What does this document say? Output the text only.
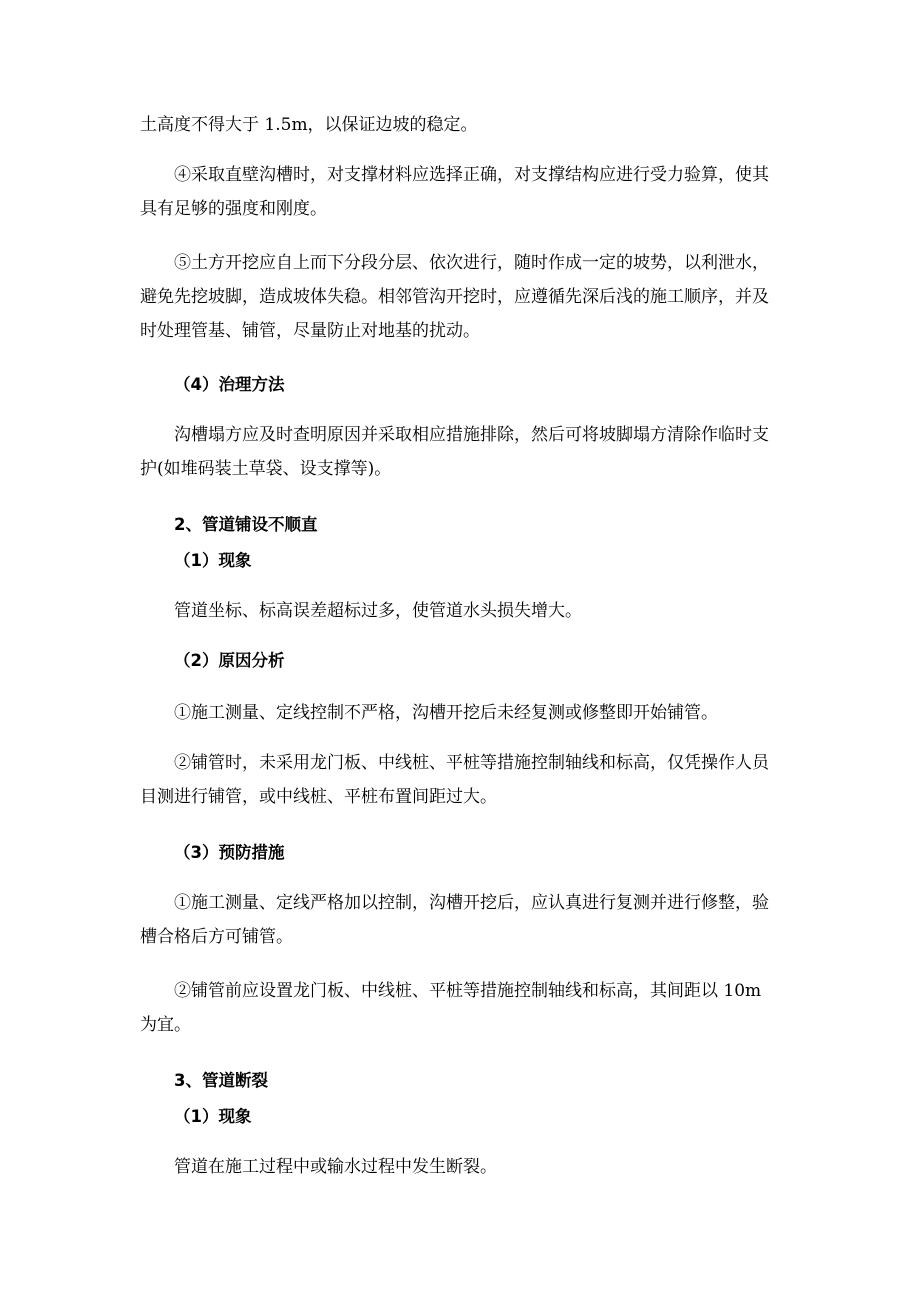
土高度不得大于 1.5m，以保证边坡的稳定。

④采取直壁沟槽时，对支撑材料应选择正确，对支撑结构应进行受力验算，使其具有足够的强度和刚度。

⑤土方开挖应自上而下分段分层、依次进行，随时作成一定的坡势，以利泄水，避免先挖坡脚，造成坡体失稳。相邻管沟开挖时，应遵循先深后浅的施工顺序，并及时处理管基、铺管，尽量防止对地基的扰动。

（4）治理方法

沟槽塌方应及时查明原因并采取相应措施排除，然后可将坡脚塌方清除作临时支护(如堆码装土草袋、设支撑等)。

2、管道铺设不顺直

（1）现象

管道坐标、标高误差超标过多，使管道水头损失增大。

（2）原因分析

①施工测量、定线控制不严格，沟槽开挖后未经复测或修整即开始铺管。

②铺管时，未采用龙门板、中线桩、平桩等措施控制轴线和标高，仅凭操作人员目测进行铺管，或中线桩、平桩布置间距过大。

（3）预防措施

①施工测量、定线严格加以控制，沟槽开挖后，应认真进行复测并进行修整，验槽合格后方可铺管。

②铺管前应设置龙门板、中线桩、平桩等措施控制轴线和标高，其间距以 10m 为宜。

3、管道断裂

（1）现象

管道在施工过程中或输水过程中发生断裂。
